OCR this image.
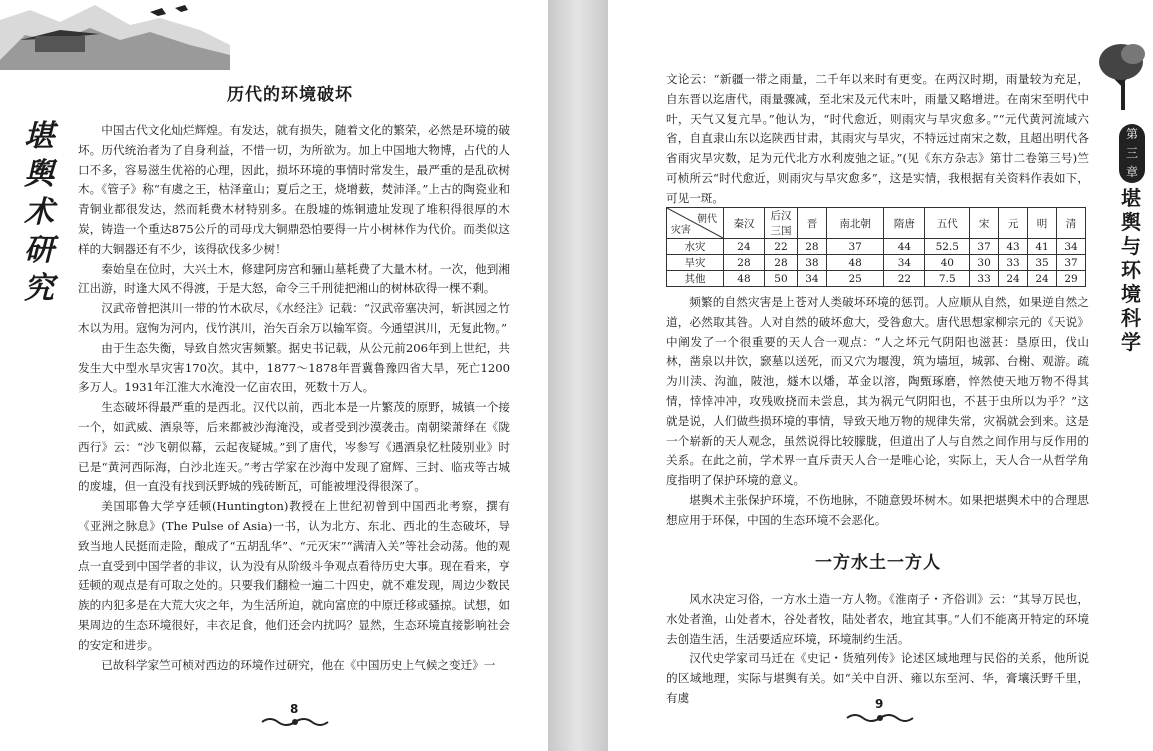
历代的环境破坏
堪
舆
术
研
究

中国古代文化灿烂辉煌。有发达，就有损失，随着文化的繁荣，必然是环境的破坏。历代统治者为了自身利益，不惜一切，为所欲为。加上中国地大物博，占代的人口不多，容易滋生优裕的心理，因此，损坏环境的事情时常发生，最严重的是乱砍树木。《管子》称“有虞之王，枯泽童山；夏后之王，烧增薮，焚沛泽。”上古的陶瓷业和青铜业都很发达，然而耗费木材特别多。在殷墟的炼铜遗址发现了堆积得很厚的木炭，铸造一个重达875公斤的司母戊大铜鼎恐怕要得一片小树林作为代价。而类似这样的大铜器还有不少，该得砍伐多少树！

秦始皇在位时，大兴土木，修建阿房宫和骊山墓耗费了大量木材。一次，他到湘江出游，时逢大风不得渡，于是大怒，命令三千刑徒把湘山的树林砍得一棵不剩。

汉武帝曾把淇川一带的竹木砍尽，《水经注》记载：“汉武帝塞决河，斩淇园之竹木以为用。寇恂为河内，伐竹淇川，治矢百余万以输军资。今通望淇川，无复此物。”

由于生态失衡，导致自然灾害频繁。据史书记载，从公元前206年到上世纪，共发生大中型水旱灾害170次。其中，1877～1878年晋冀鲁豫四省大旱，死亡1200多万人。1931年江淮大水淹没一亿亩农田，死数十万人。

生态破坏得最严重的是西北。汉代以前，西北本是一片繁茂的原野，城镇一个接一个，如武威、酒泉等，后来都被沙海淹没，或者受到沙漠袭击。南朝梁萧绎在《陇西行》云：“沙飞朝似幕，云起夜疑城。”到了唐代，岑参写《遇酒泉忆杜陵别业》时已是“黄河西际海，白沙北连天。”考古学家在沙海中发现了窟辉、三封、临戎等古城的废墟，但一直没有找到沃野城的残砖断瓦，可能被埋没得很深了。

美国耶鲁大学亨廷顿(Huntington)教授在上世纪初曾到中国西北考察，撰有《亚洲之脉息》(The Pulse of Asia)一书，认为北方、东北、西北的生态破坏，导致当地人民挺而走险，酿成了“五胡乱华”、“元灭宋”“满清入关”等社会动荡。他的观点一直受到中国学者的非议，认为没有从阶级斗争观点看待历史大事。现在看来，亨廷顿的观点是有可取之处的。只要我们翻检一遍二十四史，就不难发现，周边少数民族的内犯多是在大荒大灾之年，为生活所迫，就向富庶的中原迁移或骚掠。试想，如果周边的生态环境很好，丰衣足食，他们还会内扰吗？显然，生态环境直接影响社会的安定和进步。

已故科学家竺可桢对西边的环境作过研究，他在《中国历史上气候之变迁》一

8
第
三
章
堪
舆
与
环
境
科
学

文论云：“新疆一带之雨量，二千年以来时有更变。在两汉时期，雨量较为充足，自东晋以迄唐代，雨量骤减，至北宋及元代末叶，雨量又略增进。在南宋至明代中叶，天气又复亢旱。”他认为，“时代愈近，则雨灾与旱灾愈多。”“元代黄河流域六省，自直隶山东以迄陕西甘肃，其雨灾与旱灾，不特远过南宋之数，且超出明代各省雨灾旱灾数，足为元代北方水利废弛之证。”(见《东方杂志》第廿二卷第三号)竺可桢所云“时代愈近，则雨灾与旱灾愈多”，这是实情，我根据有关资料作表如下，可见一斑。

朝代
灾害	秦汉	后汉三国	晋	南北朝	隋唐	五代	宋	元	明	清
水灾	24	22	28	37	44	52.5	37	43	41	34
旱灾	28	28	38	48	34	40	30	33	35	37
其他	48	50	34	25	22	7.5	33	24	24	29

频繁的自然灾害是上苍对人类破坏环境的惩罚。人应顺从自然，如果逆自然之道，必然取其咎。人对自然的破坏愈大，受咎愈大。唐代思想家柳宗元的《天说》中阐发了一个很重要的天人合一观点：“人之坏元气阴阳也滋甚：垦原田，伐山林，凿泉以井饮，窾墓以送死，而又穴为堰溲，筑为墙垣，城郭、台榭、观游。疏为川渎、沟洫，陂池，燧木以燔，革金以溶，陶甄琢磨，悴然使天地万物不得其情，悻悻冲冲，攻残败挠而未尝息，其为祸元气阴阳也，不甚于虫所以为乎？”这就是说，人们做些损环境的事情，导致天地万物的规律失常，灾祸就会到来。这是一个崭新的天人观念，虽然说得比较朦胧，但道出了人与自然之间作用与反作用的关系。在此之前，学术界一直斥责天人合一是唯心论，实际上，天人合一从哲学角度指明了保护环境的意义。

堪舆术主张保护环境，不伤地脉，不随意毁坏树木。如果把堪舆术中的合理思想应用于环保，中国的生态环境不会恶化。

一方水土一方人

风水决定习俗，一方水土造一方人物。《淮南子・齐俗训》云：“其导万民也，水处者渔，山处者木，谷处者牧，陆处者农，地宜其事。”人们不能离开特定的环境去创造生活，生活要适应环境，环境制约生活。

汉代史学家司马迁在《史记・货殖列传》论述区域地理与民俗的关系，他所说的区域地理，实际与堪舆有关。如“关中自汧、雍以东至河、华，膏壤沃野千里，有虞	9
